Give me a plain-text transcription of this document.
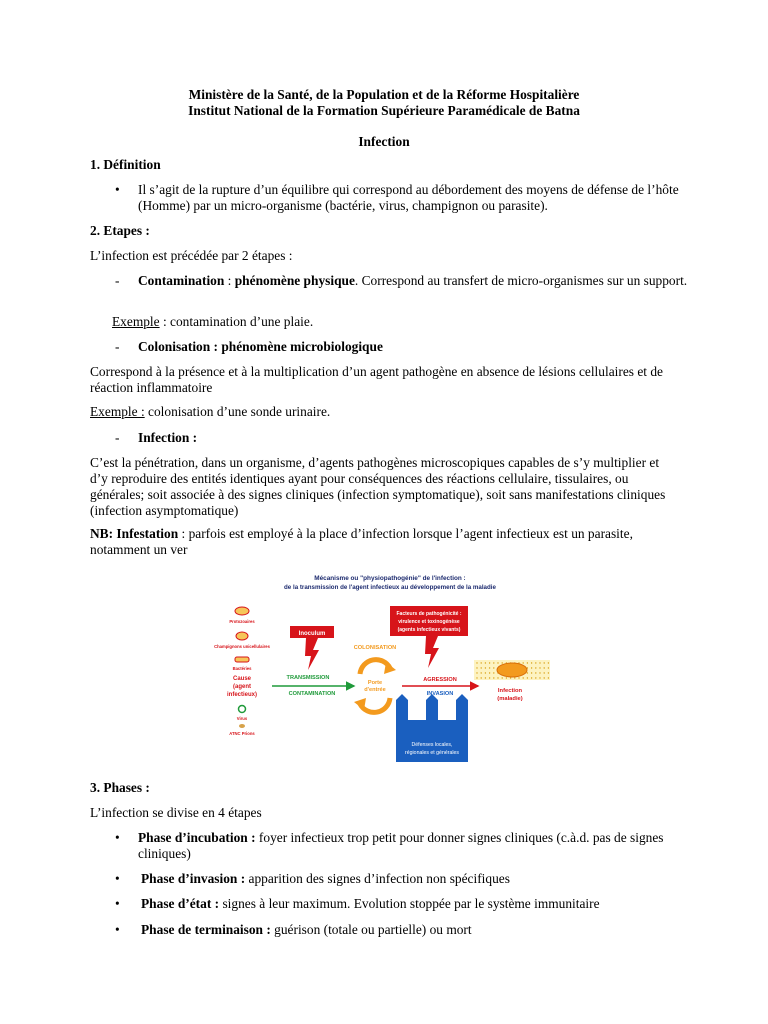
Ministère de la Santé, de la Population et de la Réforme Hospitalière
Institut National de la Formation Supérieure Paramédicale de Batna
Infection
1. Définition
• Il s’agit de la rupture d’un équilibre qui correspond au débordement des moyens de défense de l’hôte (Homme) par un micro-organisme (bactérie, virus, champignon ou parasite).
2. Etapes :
L’infection est précédée par 2 étapes :
- Contamination : phénomène physique. Correspond au transfert de micro-organismes sur un support.
Exemple : contamination d’une plaie.
- Colonisation : phénomène microbiologique
Correspond à la présence et à la multiplication d’un agent pathogène en absence de lésions cellulaires et de réaction inflammatoire
Exemple : colonisation d’une sonde urinaire.
- Infection :
C’est la pénétration, dans un organisme, d’agents pathogènes microscopiques capables de s’y multiplier et d’y reproduire des entités identiques ayant pour conséquences des réactions cellulaire, tissulaires, ou générales; soit associée à des signes cliniques (infection symptomatique), soit sans manifestations cliniques (infection asymptomatique)
NB: Infestation : parfois est employé à la place d’infection lorsque l’agent infectieux est un parasite, notamment un ver
Mécanisme ou "physiopathogénie" de l'infection :
de la transmission de l'agent infectieux au développement de la maladie
Protozoaires
Champignons unicellulaires
Bactéries
Cause
(agent
infectieux)
Virus
ATNC Prions
Inoculum
TRANSMISSION
CONTAMINATION
COLONISATION
Porte
d'entrée
Facteurs de pathogénicité :
virulence et toxinogénèse
(agents infectieux vivants)
AGRESSION
INVASION	Infection
(maladie)
Défenses locales,
régionales et générales
3. Phases :
L’infection se divise en 4 étapes
• Phase d’incubation : foyer infectieux trop petit pour donner signes cliniques (c.à.d. pas de signes cliniques)
• Phase d’invasion : apparition des signes d’infection non spécifiques
• Phase d’état : signes à leur maximum. Evolution stoppée par le système immunitaire
• Phase de terminaison : guérison (totale ou partielle) ou mort
